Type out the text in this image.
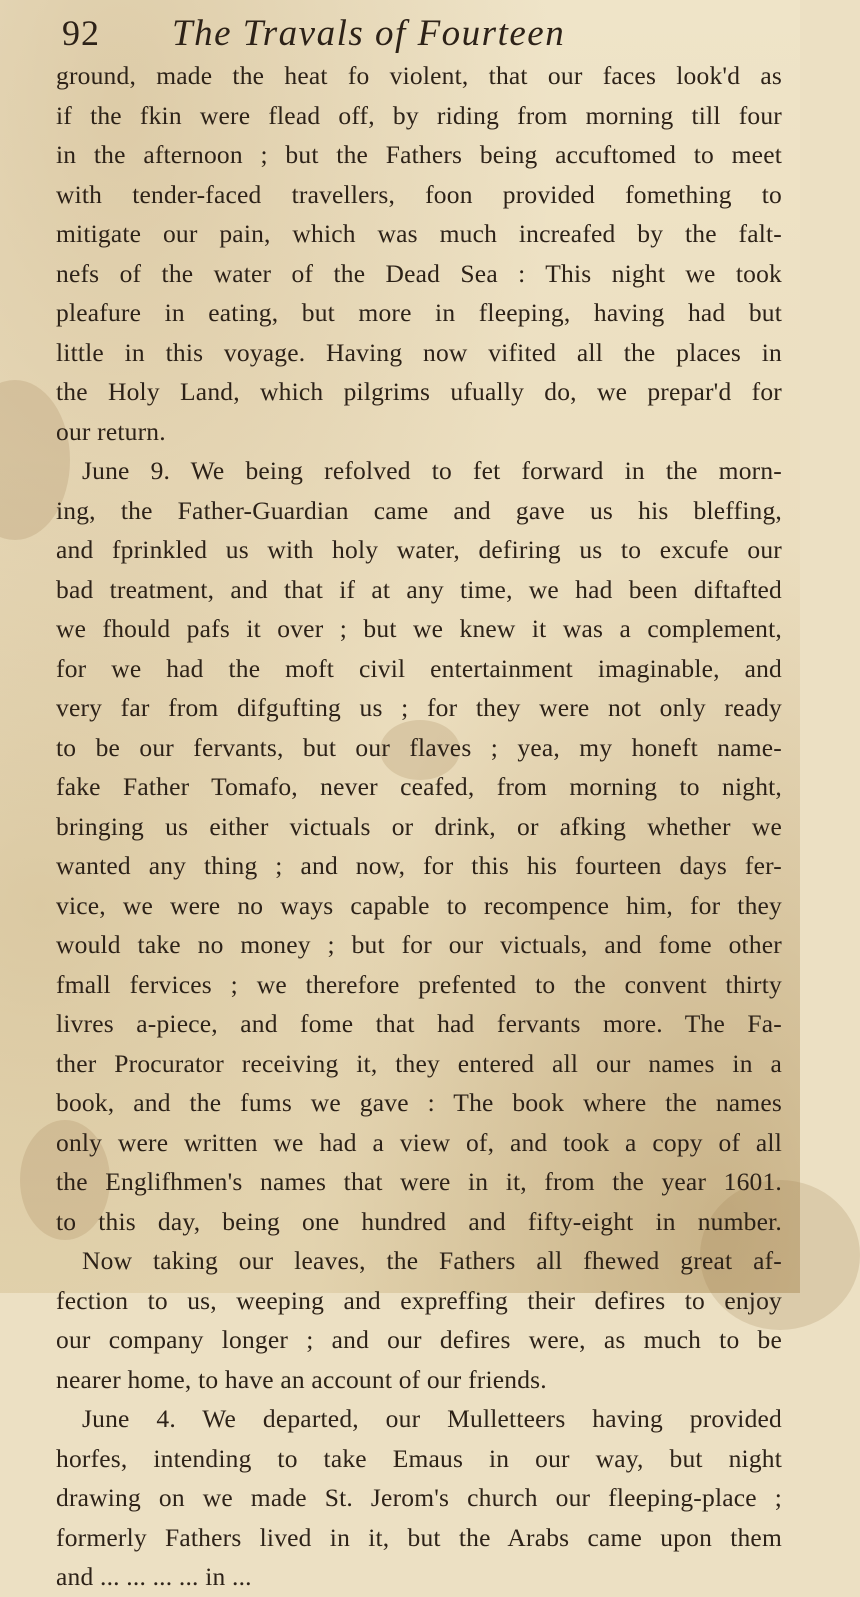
92 The Travals of Fourteen
ground, made the heat fo violent, that our faces look'd as
if the fkin were flead off, by riding from morning till four
in the afternoon ; but the Fathers being accuftomed to meet
with tender-faced travellers, foon provided fomething to
mitigate our pain, which was much increafed by the falt-
nefs of the water of the Dead Sea : This night we took
pleafure in eating, but more in fleeping, having had but
little in this voyage. Having now vifited all the places in
the Holy Land, which pilgrims ufually do, we prepar'd for
our return.
June 9. We being refolved to fet forward in the morn-
ing, the Father-Guardian came and gave us his bleffing,
and fprinkled us with holy water, defiring us to excufe our
bad treatment, and that if at any time, we had been diftafted
we fhould pafs it over ; but we knew it was a complement,
for we had the moft civil entertainment imaginable, and
very far from difgufting us ; for they were not only ready
to be our fervants, but our flaves ; yea, my honeft name-
fake Father Tomafo, never ceafed, from morning to night,
bringing us either victuals or drink, or afking whether we
wanted any thing ; and now, for this his fourteen days fer-
vice, we were no ways capable to recompence him, for they
would take no money ; but for our victuals, and fome other
fmall fervices ; we therefore prefented to the convent thirty
livres a-piece, and fome that had fervants more. The Fa-
ther Procurator receiving it, they entered all our names in a
book, and the fums we gave : The book where the names
only were written we had a view of, and took a copy of all
the Englifhmen's names that were in it, from the year 1601.
to this day, being one hundred and fifty-eight in number.
Now taking our leaves, the Fathers all fhewed great af-
fection to us, weeping and expreffing their defires to enjoy
our company longer ; and our defires were, as much to be
nearer home, to have an account of our friends.
June 4. We departed, our Mulletteers having provided
horfes, intending to take Emaus in our way, but night
drawing on we made St. Jerom's church our fleeping-place ;
formerly Fathers lived in it, but the Arabs came upon them
and ... ... ... ... in ...
